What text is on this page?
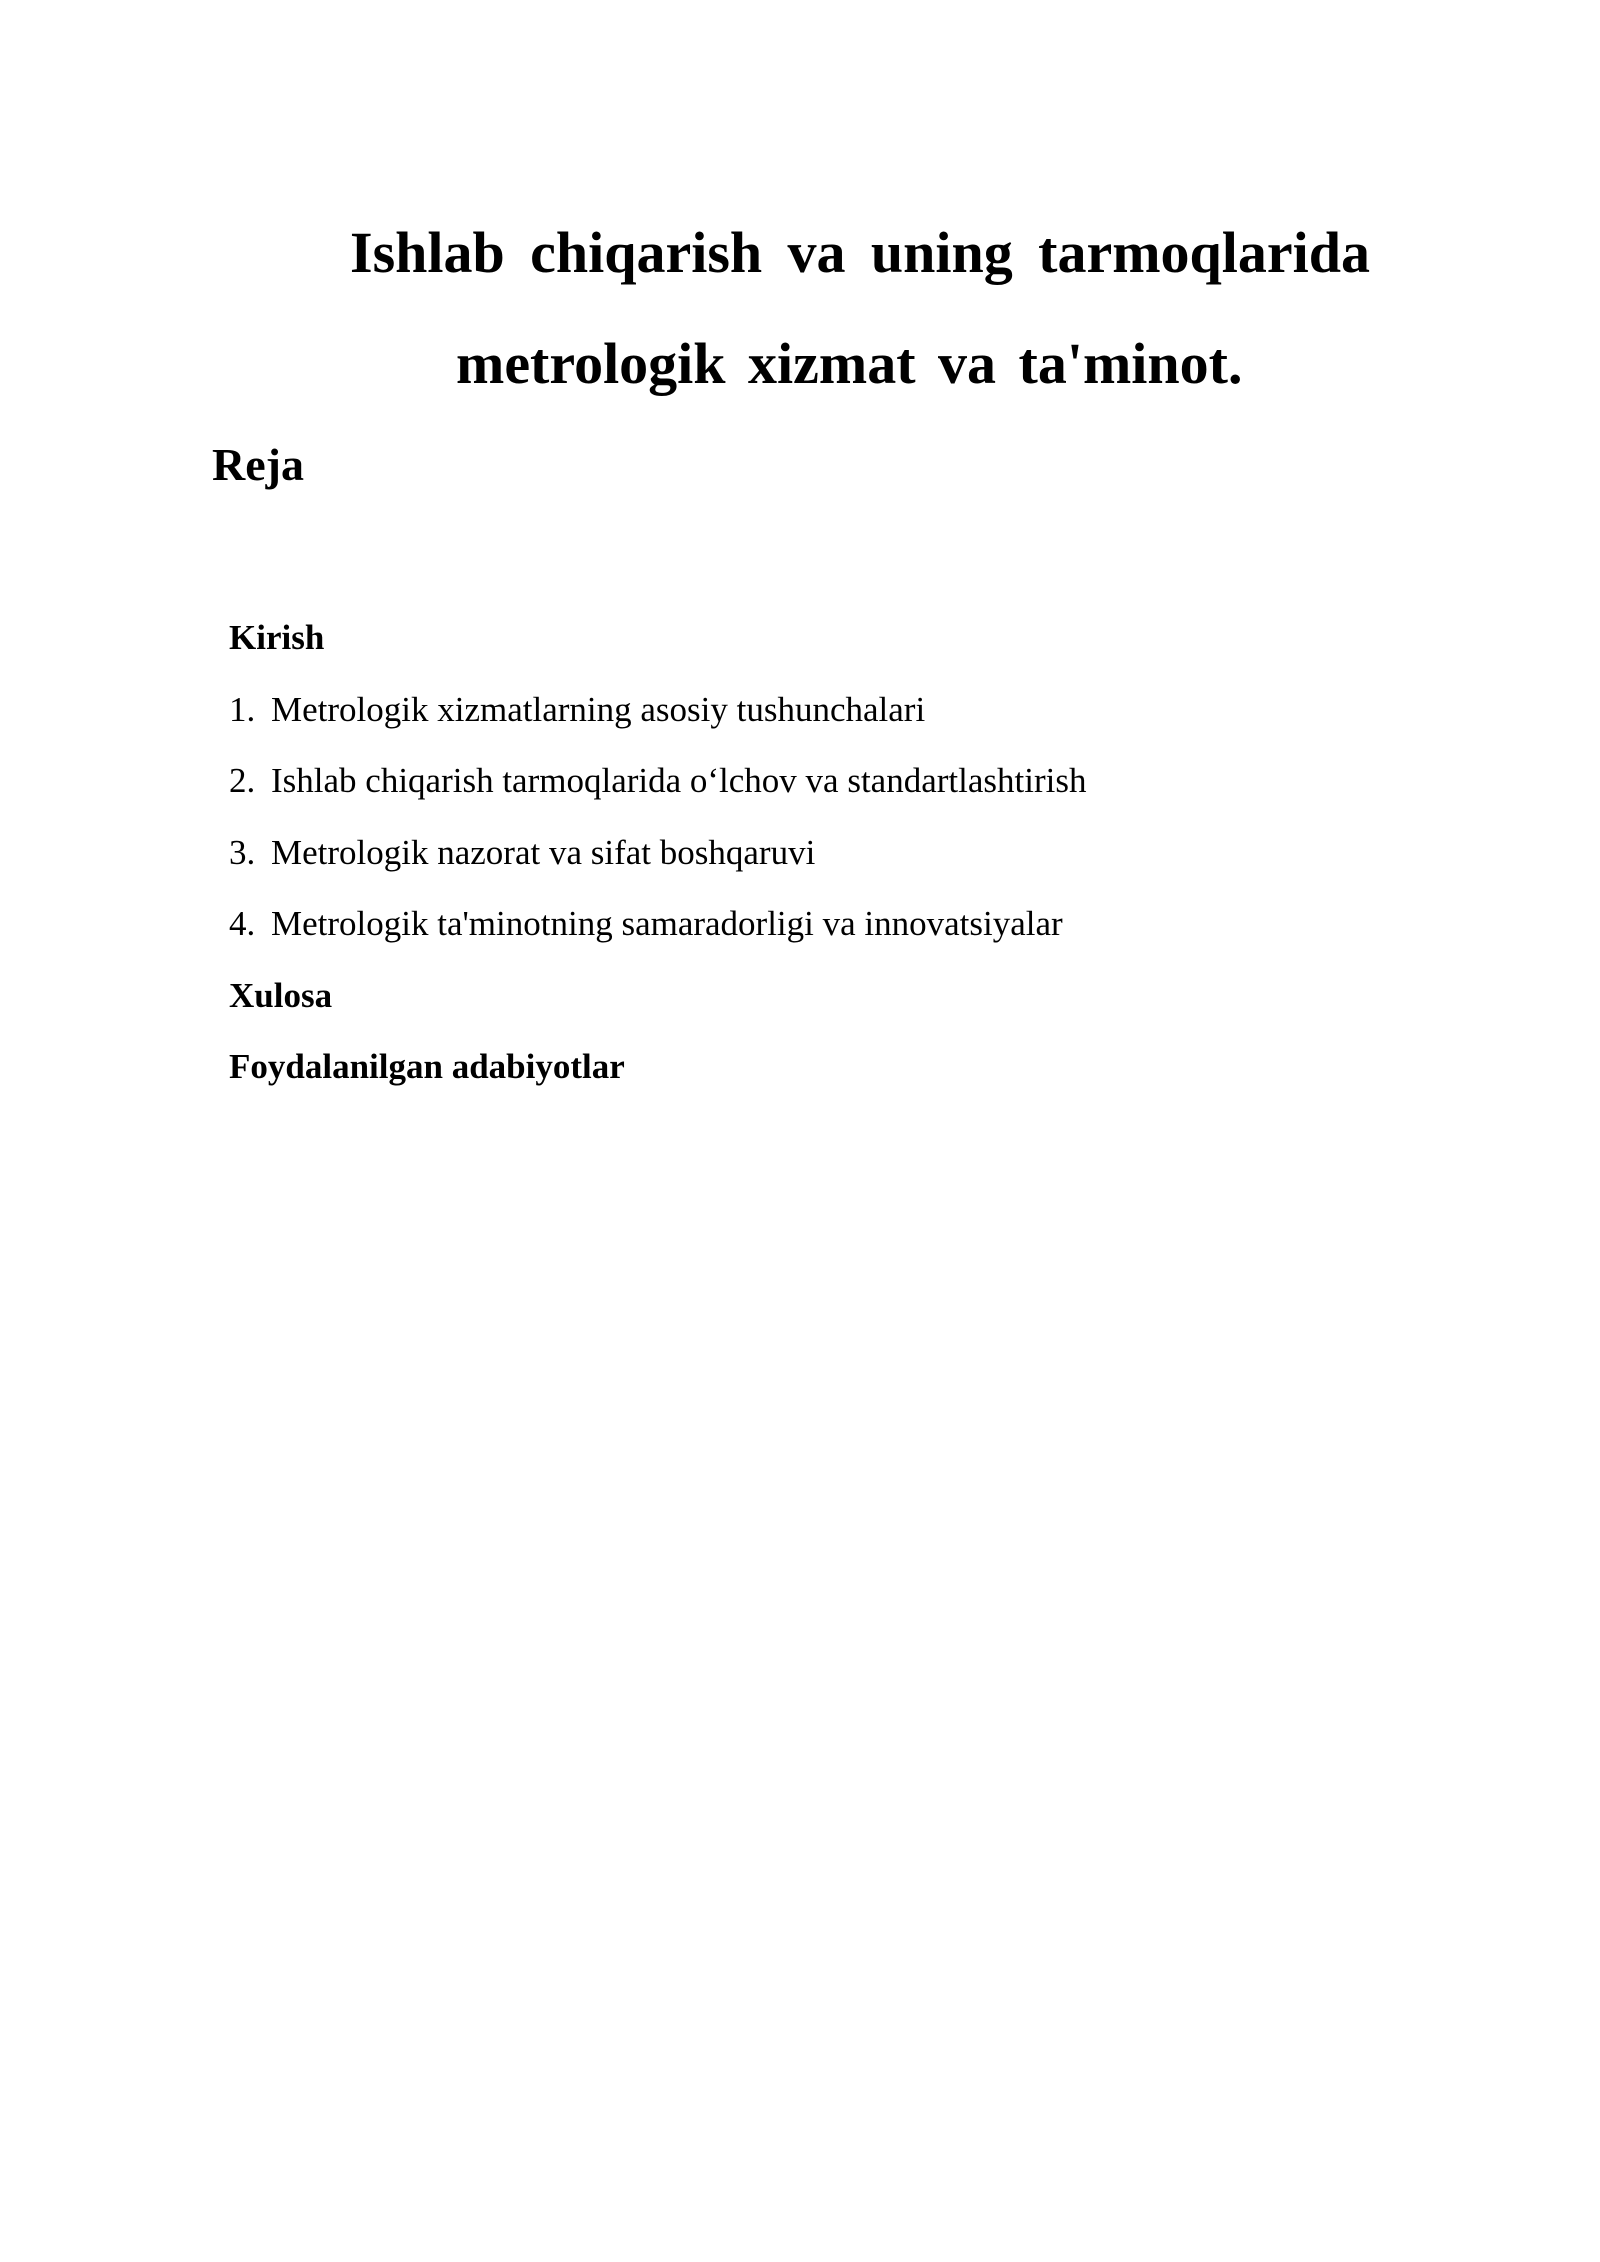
Ishlab chiqarish va uning tarmoqlarida
metrologik xizmat va ta'minot.
Reja
Kirish
1. Metrologik xizmatlarning asosiy tushunchalari
2. Ishlab chiqarish tarmoqlarida o‘lchov va standartlashtirish
3. Metrologik nazorat va sifat boshqaruvi
4. Metrologik ta'minotning samaradorligi va innovatsiyalar
Xulosa
Foydalanilgan adabiyotlar
